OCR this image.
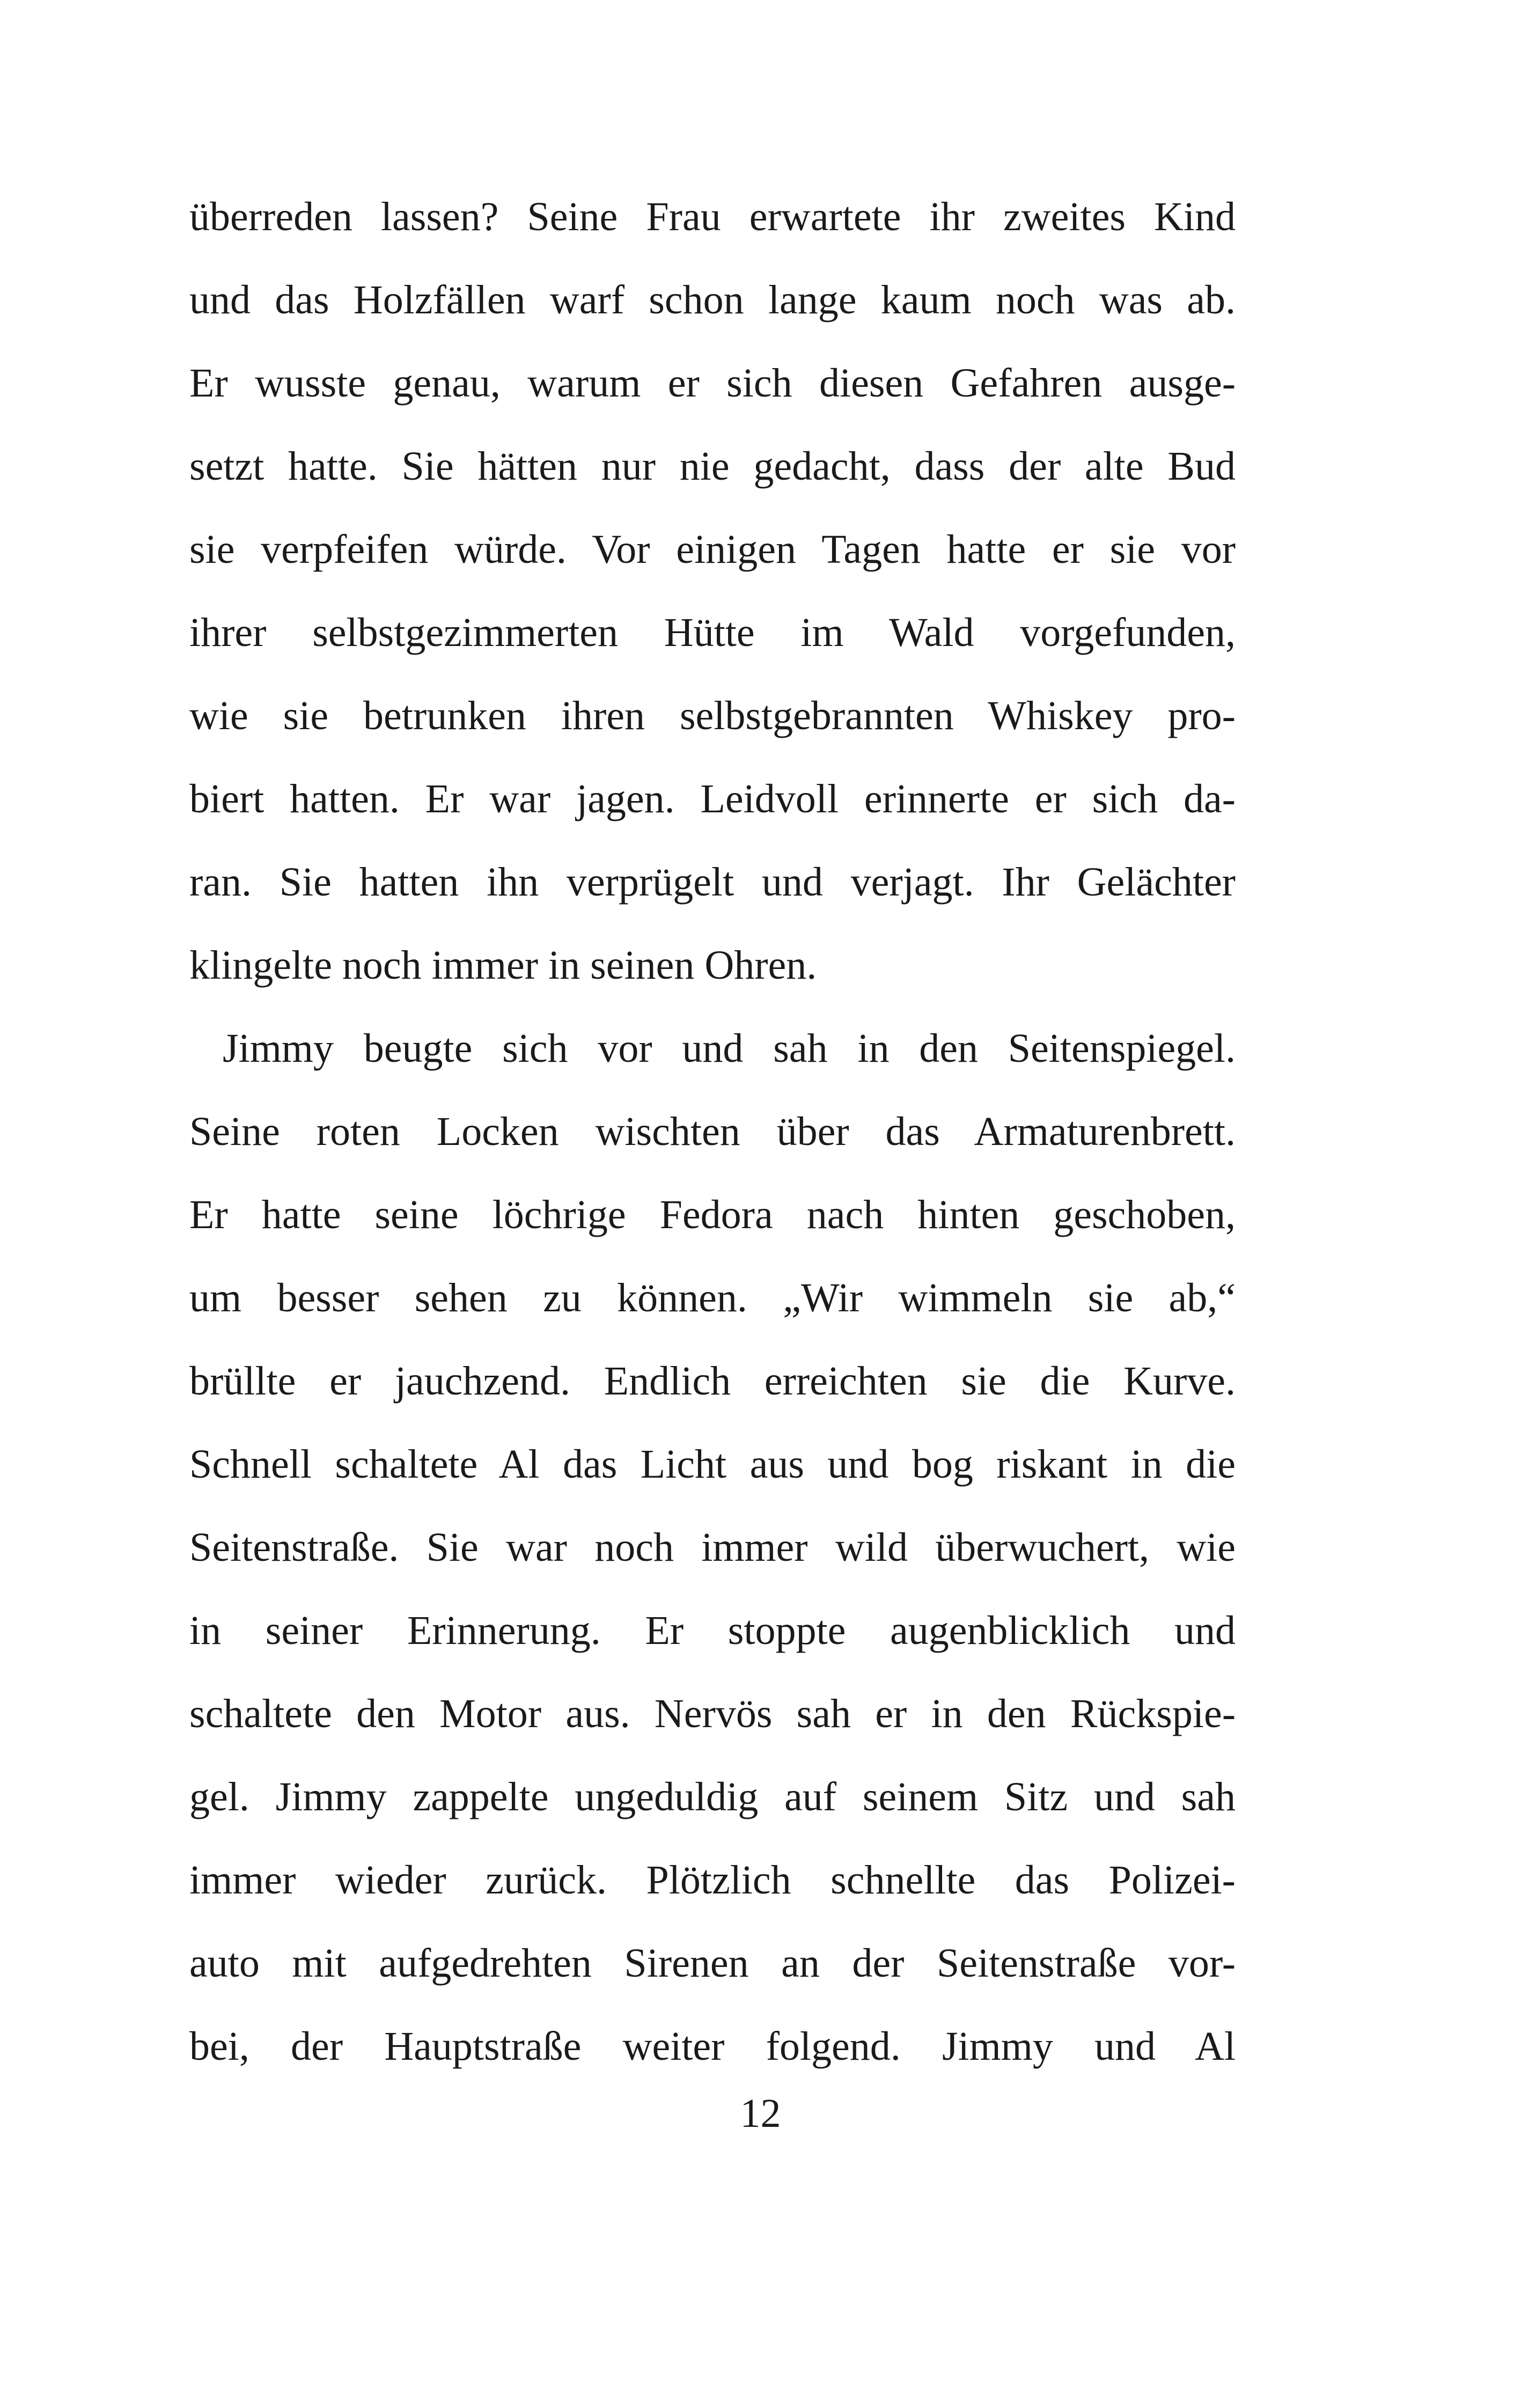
überreden lassen? Seine Frau erwartete ihr zweites Kind
und das Holzfällen warf schon lange kaum noch was ab.
Er wusste genau, warum er sich diesen Gefahren ausge-
setzt hatte. Sie hätten nur nie gedacht, dass der alte Bud
sie verpfeifen würde. Vor einigen Tagen hatte er sie vor
ihrer selbstgezimmerten Hütte im Wald vorgefunden,
wie sie betrunken ihren selbstgebrannten Whiskey pro-
biert hatten. Er war jagen. Leidvoll erinnerte er sich da-
ran. Sie hatten ihn verprügelt und verjagt. Ihr Gelächter
klingelte noch immer in seinen Ohren.
Jimmy beugte sich vor und sah in den Seitenspiegel.
Seine roten Locken wischten über das Armaturenbrett.
Er hatte seine löchrige Fedora nach hinten geschoben,
um besser sehen zu können. „Wir wimmeln sie ab,“
brüllte er jauchzend. Endlich erreichten sie die Kurve.
Schnell schaltete Al das Licht aus und bog riskant in die
Seitenstraße. Sie war noch immer wild überwuchert, wie
in seiner Erinnerung. Er stoppte augenblicklich und
schaltete den Motor aus. Nervös sah er in den Rückspie-
gel. Jimmy zappelte ungeduldig auf seinem Sitz und sah
immer wieder zurück. Plötzlich schnellte das Polizei-
auto mit aufgedrehten Sirenen an der Seitenstraße vor-
bei, der Hauptstraße weiter folgend. Jimmy und Al
12
